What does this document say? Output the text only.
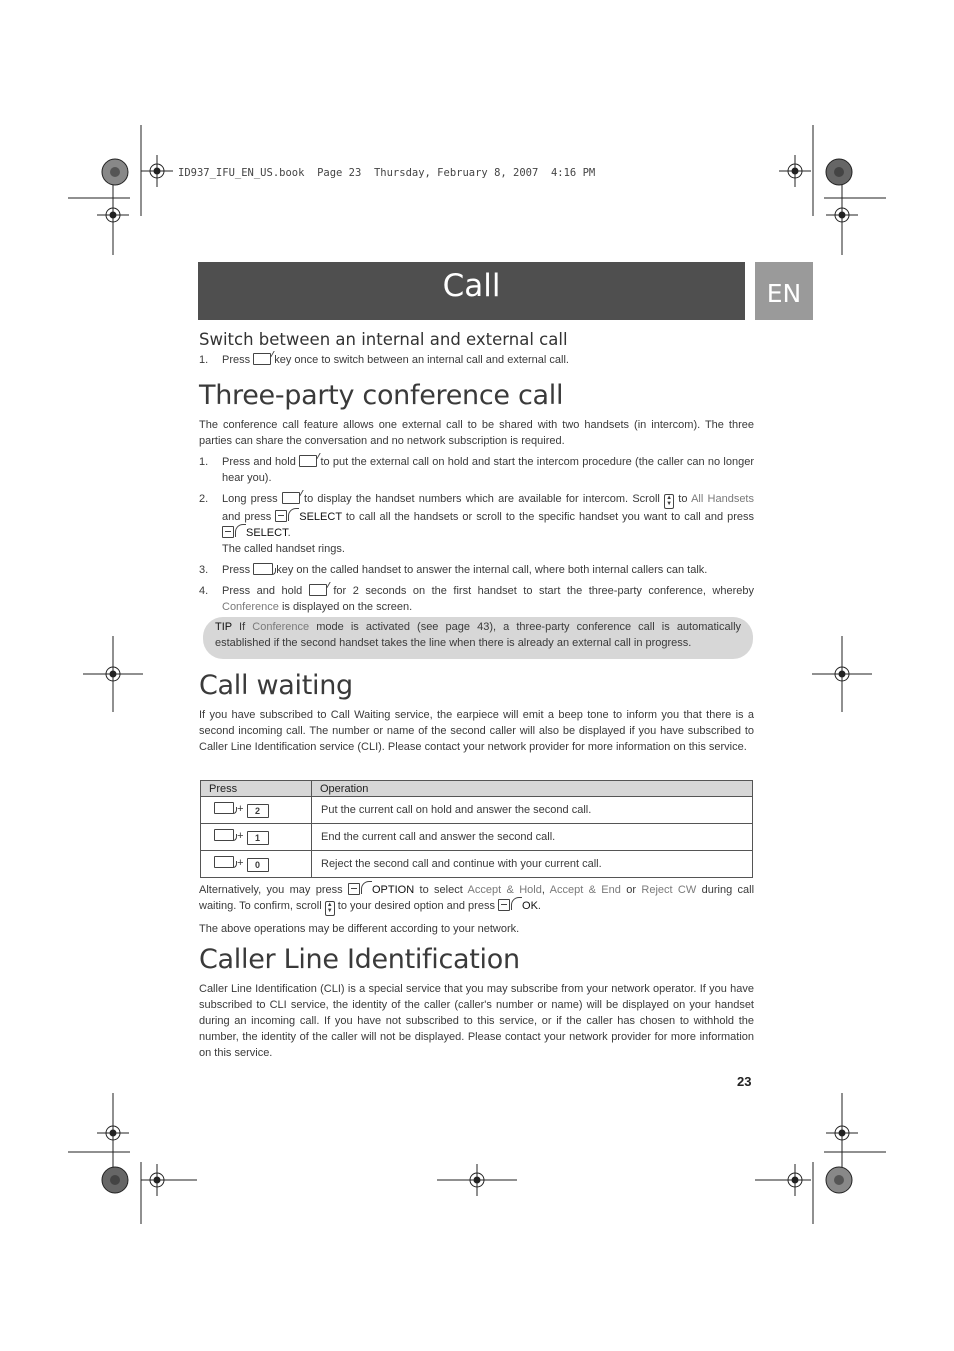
ID937_IFU_EN_US.book  Page 23  Thursday, February 8, 2007  4:16 PM
Call	EN
Switch between an internal and external call
1. Press key once to switch between an internal call and external call.
Three-party conference call

The conference call feature allows one external call to be shared with two handsets (in intercom). The three parties can share the conversation and no network subscription is required.

1. Press and hold to put the external call on hold and start the intercom procedure (the caller can no longer hear you).
2. Long press to display the handset numbers which are available for intercom. Scroll ▲
▼ to All Handsets and press	SELECT to call all the handsets or scroll to the specific handset you want to call and press
SELECT.
The called handset rings.
3. Press key on the called handset to answer the internal call, where both internal callers can talk.
4. Press and hold	for 2 seconds on the first handset to start the three-party conference, whereby Conference is displayed on the screen.

TIP If Conference mode is activated (see page 43), a three-party conference call is automatically established if the second handset takes the line when there is already an external call in progress.

Call waiting

If you have subscribed to Call Waiting service, the earpiece will emit a beep tone to inform you that there is a second incoming call. The number or name of the second caller will also be displayed if you have subscribed to Caller Line Identification service (CLI). Please contact your network provider for more information on this service.

Press	Operation
+ 2	Put the current call on hold and answer the second call.
+ 1	End the current call and answer the second call.
+ 0	Reject the second call and continue with your current call.

Alternatively, you may press	OPTION to select Accept & Hold, Accept & End or Reject CW during call waiting. To confirm, scroll ▲
▼ to your desired option and press OK.

The above operations may be different according to your network.

Caller Line Identification

Caller Line Identification (CLI) is a special service that you may subscribe from your network operator. If you have subscribed to CLI service, the identity of the caller (caller's number or name) will be displayed on your handset during an incoming call. If you have not subscribed to this service, or if the caller has chosen to withhold the number, the identity of the caller will not be displayed. Please contact your network provider for more information on this service.

23
